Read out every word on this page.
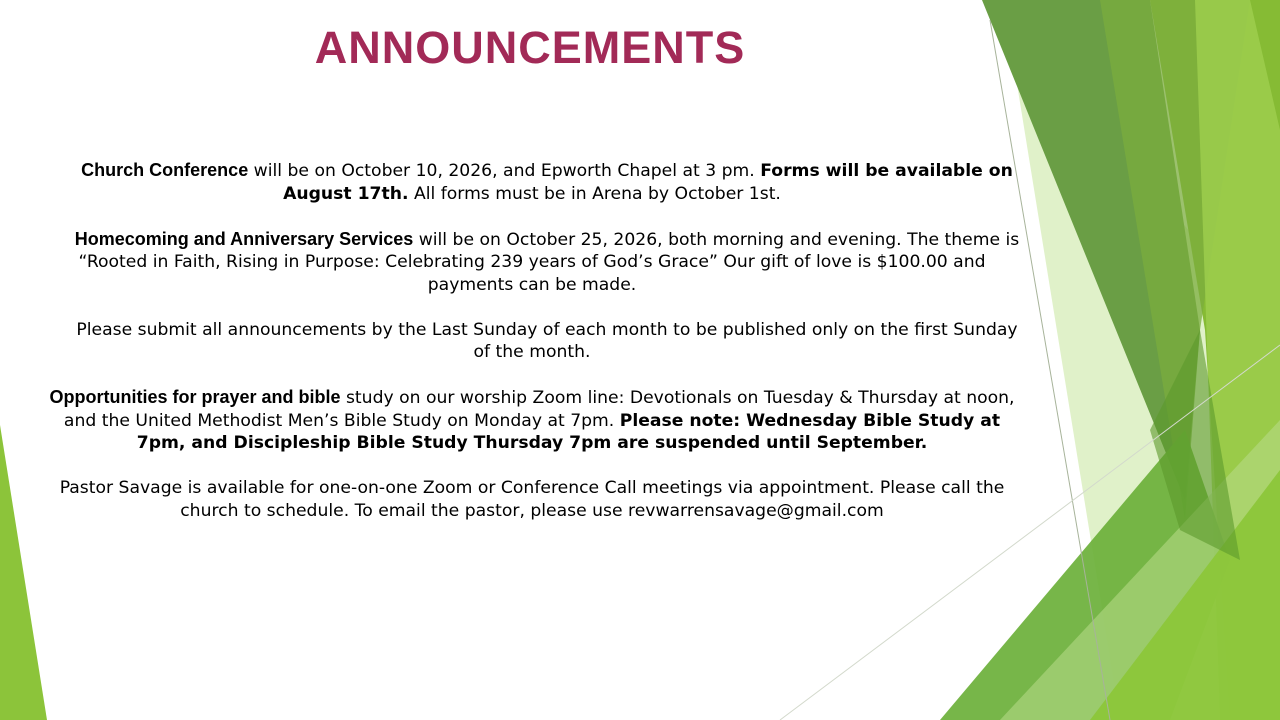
ANNOUNCEMENTS

Church Conference will be on October 10, 2026, and Epworth Chapel at 3 pm. Forms will be available on August 17th. All forms must be in Arena by October 1st.

Homecoming and Anniversary Services will be on October 25, 2026, both morning and evening. The theme is “Rooted in Faith, Rising in Purpose: Celebrating 239 years of God’s Grace” Our gift of love is $100.00 and payments can be made.

Please submit all announcements by the Last Sunday of each month to be published only on the first Sunday of the month.

Opportunities for prayer and bible study on our worship Zoom line: Devotionals on Tuesday & Thursday at noon, and the United Methodist Men’s Bible Study on Monday at 7pm. Please note: Wednesday Bible Study at 7pm, and Discipleship Bible Study Thursday 7pm are suspended until September.

Pastor Savage is available for one-on-one Zoom or Conference Call meetings via appointment. Please call the church to schedule. To email the pastor, please use revwarrensavage@gmail.com
